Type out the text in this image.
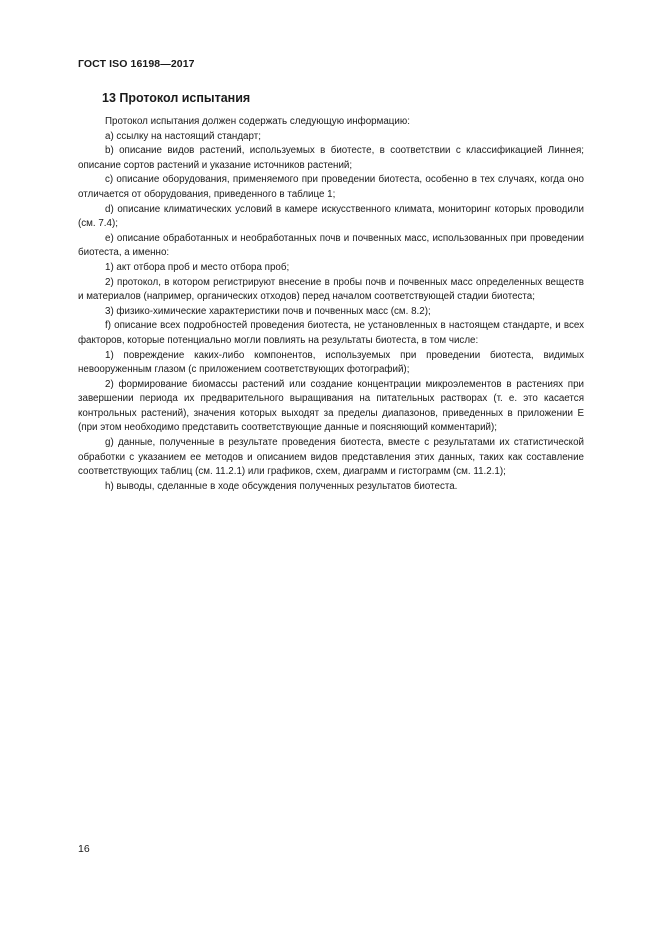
ГОСТ ISO 16198—2017
13 Протокол испытания

Протокол испытания должен содержать следующую информацию:

a) ссылку на настоящий стандарт;

b) описание видов растений, используемых в биотесте, в соответствии с классификацией Линнея; описание сортов растений и указание источников растений;

c) описание оборудования, применяемого при проведении биотеста, особенно в тех случаях, когда оно отличается от оборудования, приведенного в таблице 1;

d) описание климатических условий в камере искусственного климата, мониторинг которых проводили (см. 7.4);

e) описание обработанных и необработанных почв и почвенных масс, использованных при проведении биотеста, а именно:

1) акт отбора проб и место отбора проб;

2) протокол, в котором регистрируют внесение в пробы почв и почвенных масс определенных веществ и материалов (например, органических отходов) перед началом соответствующей стадии биотеста;

3) физико-химические характеристики почв и почвенных масс (см. 8.2);

f) описание всех подробностей проведения биотеста, не установленных в настоящем стандарте, и всех факторов, которые потенциально могли повлиять на результаты биотеста, в том числе:

1) повреждение каких-либо компонентов, используемых при проведении биотеста, видимых невооруженным глазом (с приложением соответствующих фотографий);

2) формирование биомассы растений или создание концентрации микроэлементов в растениях при завершении периода их предварительного выращивания на питательных растворах (т. е. это касается контрольных растений), значения которых выходят за пределы диапазонов, приведенных в приложении E (при этом необходимо представить соответствующие данные и поясняющий комментарий);

g) данные, полученные в результате проведения биотеста, вместе с результатами их статистической обработки с указанием ее методов и описанием видов представления этих данных, таких как составление соответствующих таблиц (см. 11.2.1) или графиков, схем, диаграмм и гистограмм (см. 11.2.1);

h) выводы, сделанные в ходе обсуждения полученных результатов биотеста.

16
